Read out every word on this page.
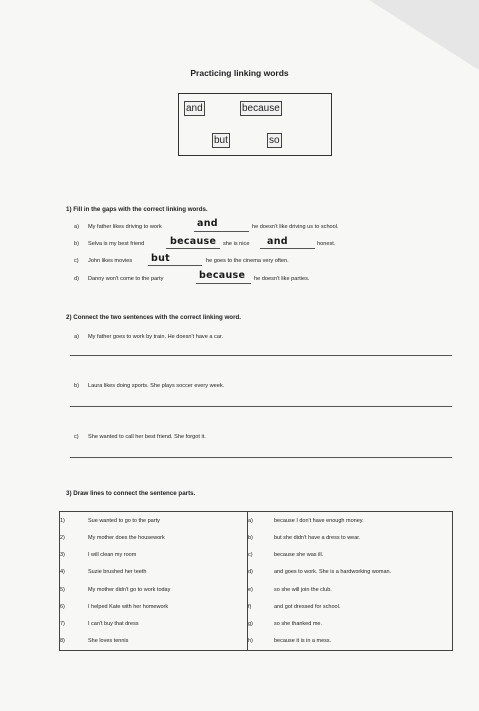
Practicing linking words
and	because
but	so
1) Fill in the gaps with the correct linking words.
a) My father likes driving to work	and	he doesn't like driving us to school.
b) Selva is my best friend	because she is nice and	honest.
c) John likes movies but	he goes to the cinema very often.
d) Danny won't come to the party	because he doesn't like parties.
2) Connect the two sentences with the correct linking word.
a) My father goes to work by train. He doesn't have a car.
b) Laura likes doing sports. She plays soccer every week.
c) She wanted to call her best friend. She forgot it.
3) Draw lines to connect the sentence parts.
1)	Sue wanted to go to the party	a)	because I don't have enough money.
2)	My mother does the housework	b)	but she didn't have a dress to wear.
3)	I will clean my room	c)	because she was ill.
4)	Suzie brushed her teeth	d)	and goes to work. She is a hardworking woman.
5)	My mother didn't go to work today	e)	so she will join the club.
6)	I helped Kate with her homework	f)	and got dressed for school.
7)	I can't buy that dress	g)	so she thanked me.
8)	She loves tennis	h)	because it is in a mess.
